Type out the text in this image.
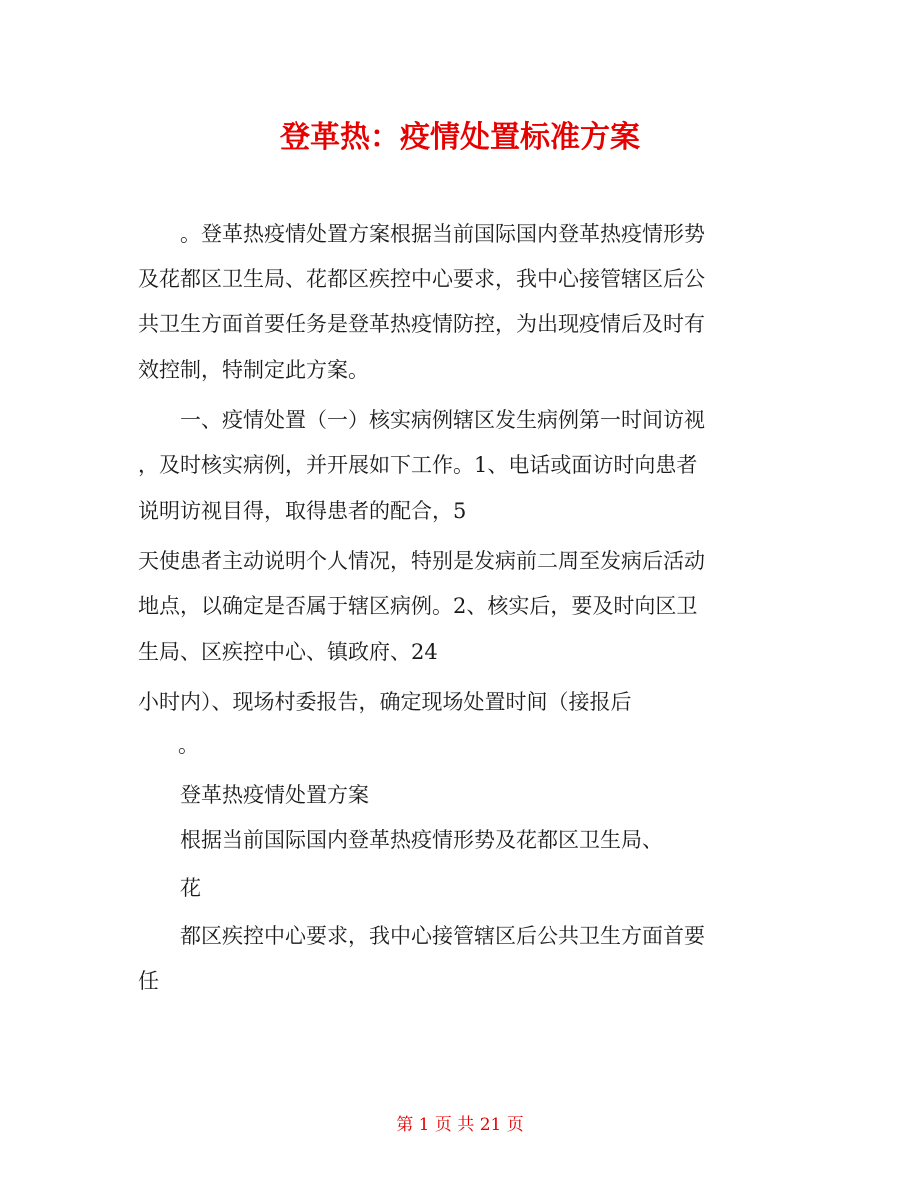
登革热：疫情处置标准方案
。登革热疫情处置方案根据当前国际国内登革热疫情形势
及花都区卫生局、花都区疾控中心要求，我中心接管辖区后公
共卫生方面首要任务是登革热疫情防控，为出现疫情后及时有
效控制，特制定此方案。
一、疫情处置（一）核实病例辖区发生病例第一时间访视
，及时核实病例，并开展如下工作。1、电话或面访时向患者
说明访视目得，取得患者的配合，5
天使患者主动说明个人情况，特别是发病前二周至发病后活动
地点，以确定是否属于辖区病例。2、核实后，要及时向区卫
生局、区疾控中心、镇政府、24
小时内）、现场村委报告，确定现场处置时间（接报后
。
登革热疫情处置方案
根据当前国际国内登革热疫情形势及花都区卫生局、
花
都区疾控中心要求，我中心接管辖区后公共卫生方面首要
任
第 1 页 共 21 页
